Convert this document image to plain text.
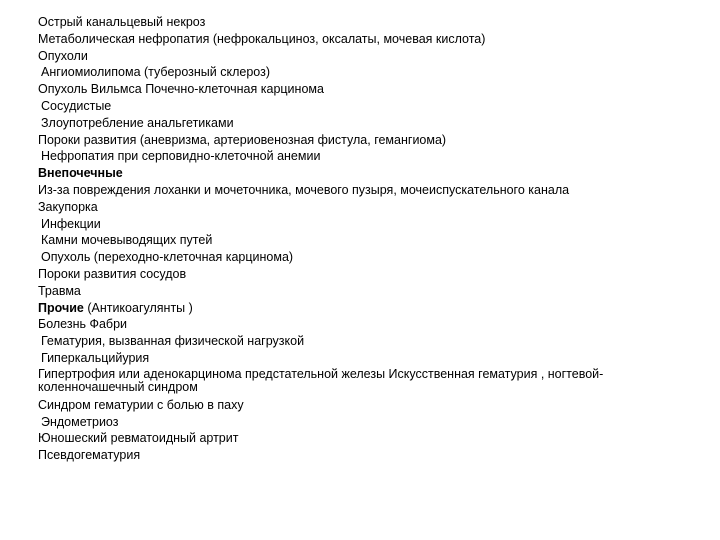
Острый канальцевый некроз

Метаболическая нефропатия (нефрокальциноз, оксалаты, мочевая кислота)

Опухоли

Ангиомиолипома (туберозный склероз)

Опухоль Вильмса Почечно-клеточная карцинома

Сосудистые

Злоупотребление анальгетиками

Пороки развития (аневризма, артериовенозная фистула, гемангиома)

Нефропатия при серповидно-клеточной анемии

Внепочечные

Из-за повреждения лоханки и мочеточника, мочевого пузыря, мочеиспускательного канала

Закупорка

Инфекции

Камни мочевыводящих путей

Опухоль (переходно-клеточная карцинома)

Пороки развития сосудов

Травма

Прочие (Антикоагулянты )

Болезнь Фабри

Гематурия, вызванная физической нагрузкой

Гиперкальцийурия

Гипертрофия или аденокарцинома предстательной железы Искусственная гематурия , ногтевой-коленночашечный синдром

Синдром гематурии с болью в паху

Эндометриоз

Юношеский ревматоидный артрит

Псевдогематурия
